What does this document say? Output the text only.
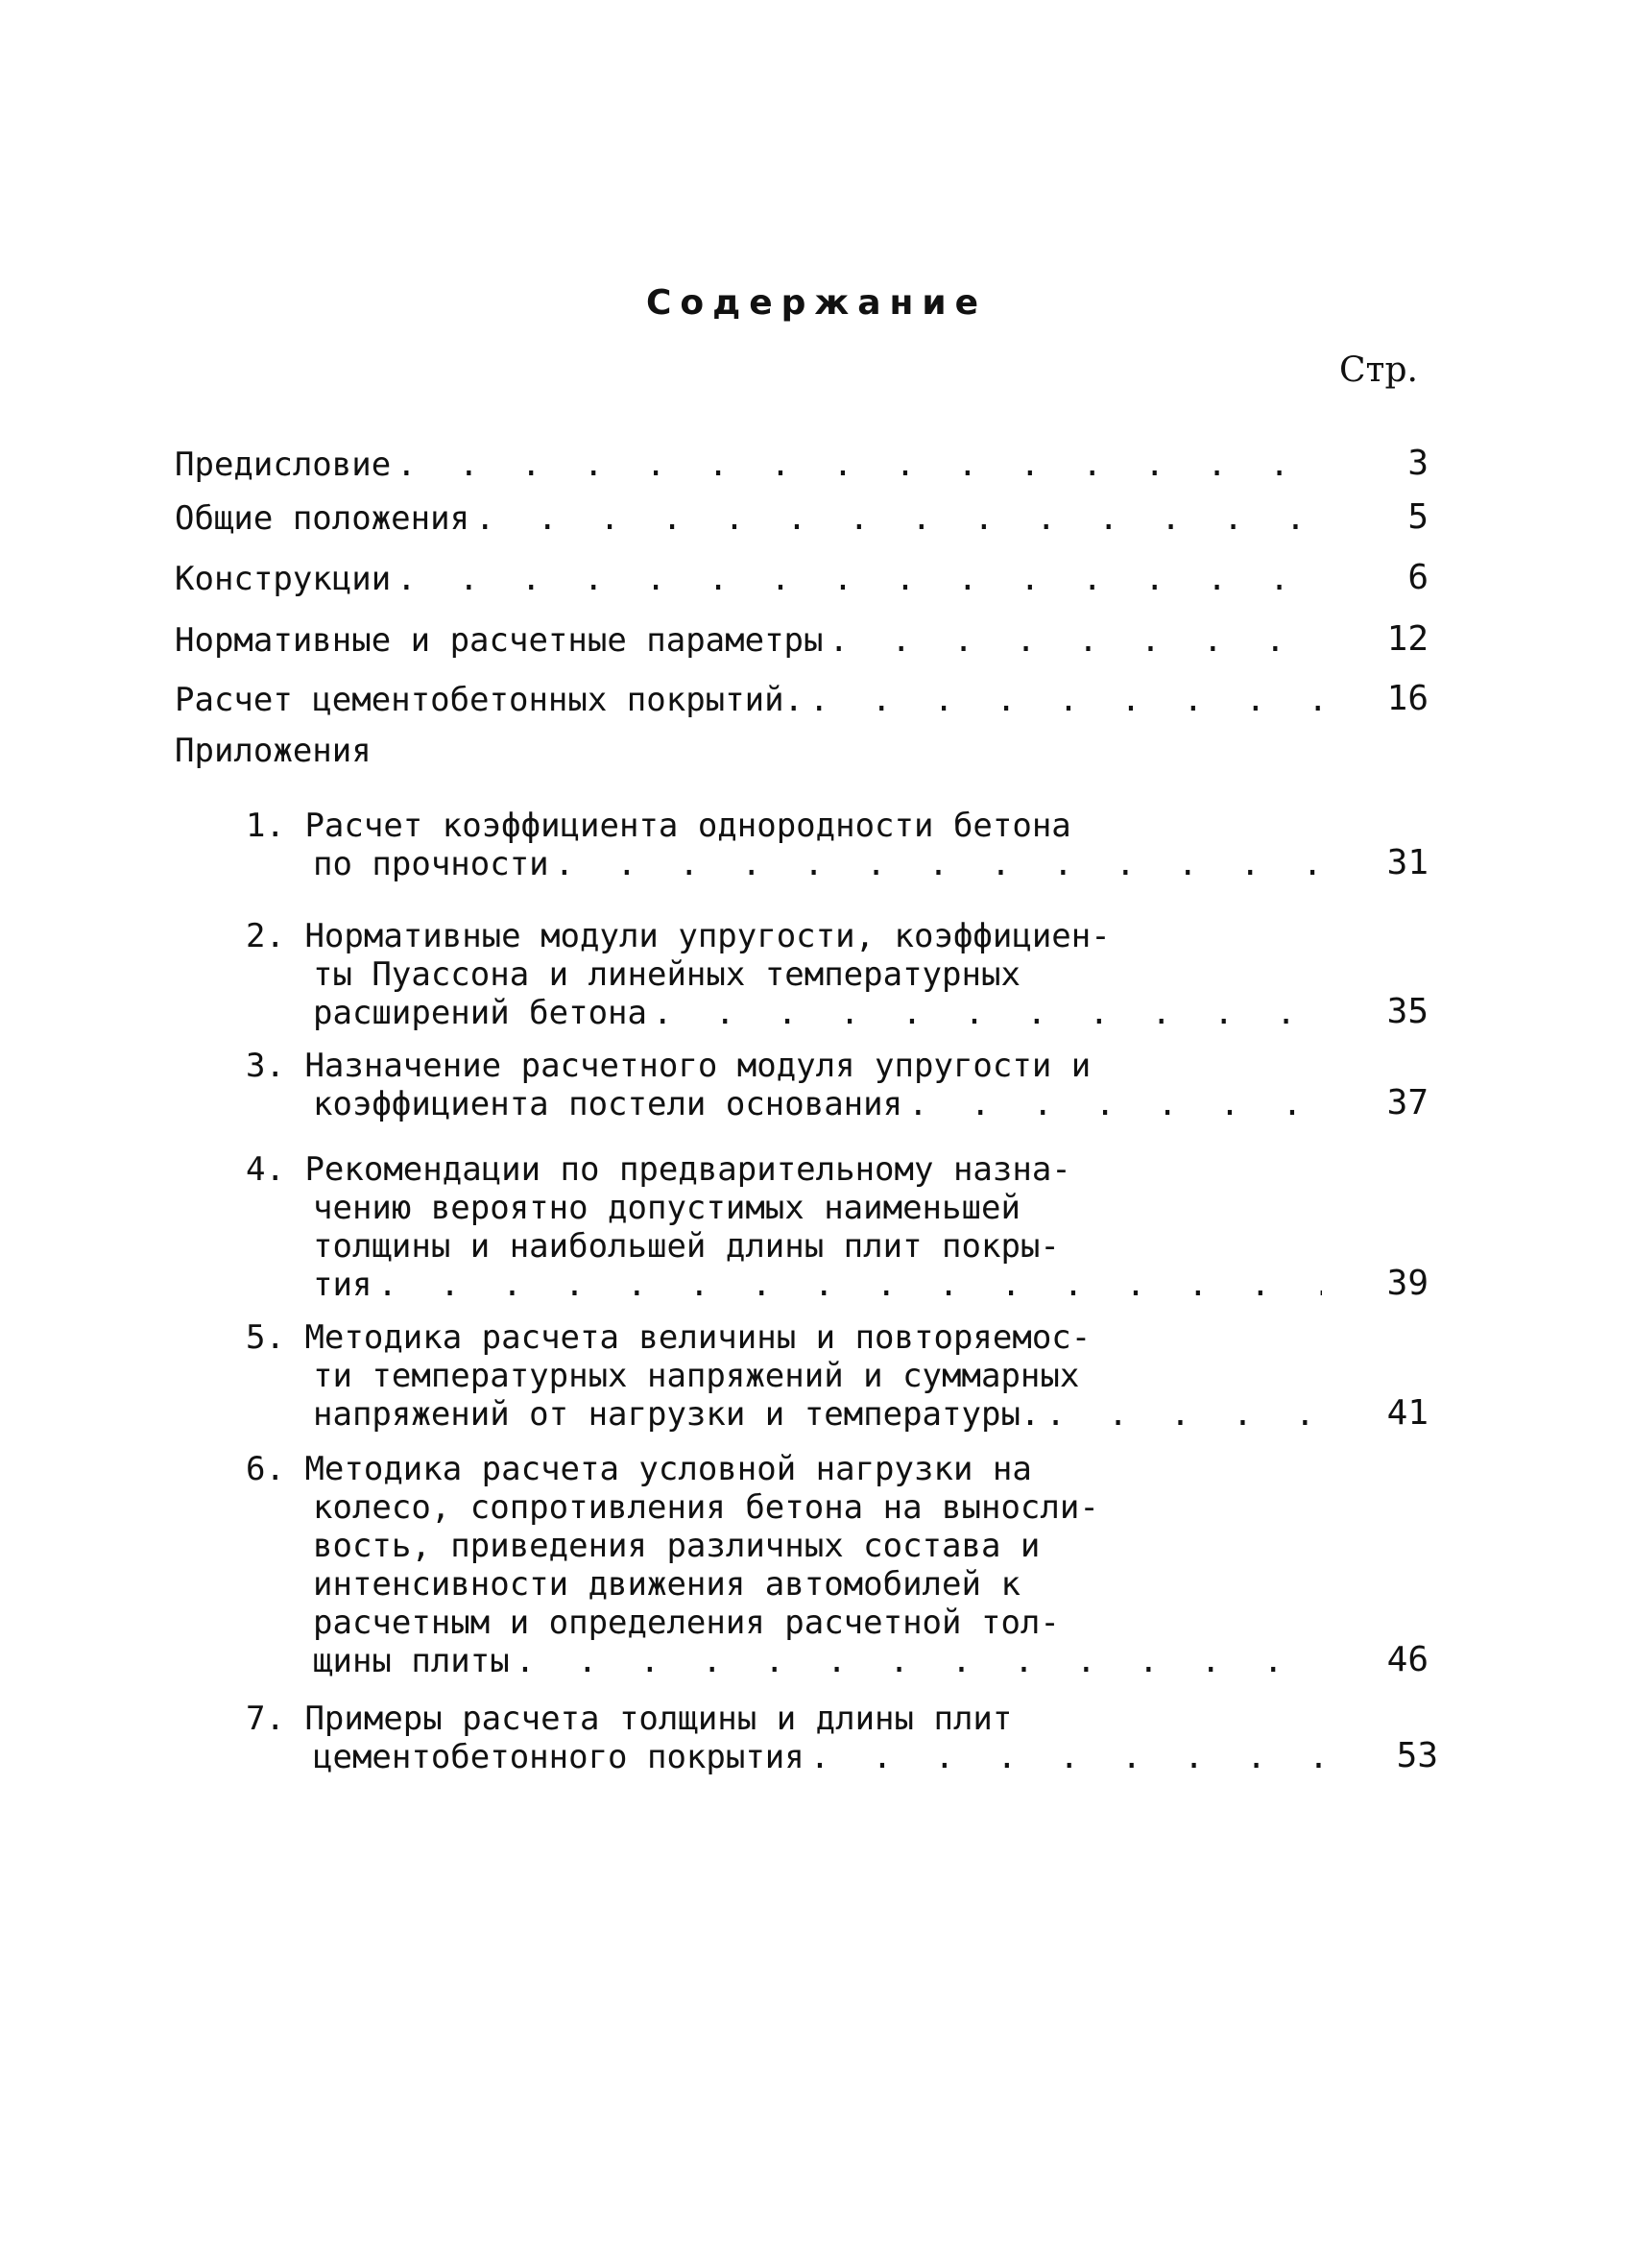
Содержание
Стр.
Предисловие . . .	3
Общие положения . . .	5
Конструкции . . .	6
Нормативные и расчетные параметры . . .	12
Расчет цементобетонных покрытий. . . .	16
Приложения
1. Расчет коэффициента однородности бетона
по прочности . . .	31
2. Нормативные модули упругости, коэффициен-
ты Пуассона и линейных температурных
расширений бетона . . .	35
3. Назначение расчетного модуля упругости и
коэффициента постели основания . . .	37
4. Рекомендации по предварительному назна-
чению вероятно допустимых наименьшей
толщины и наибольшей длины плит покры-
тия . . .	39
5. Методика расчета величины и повторяемос-
ти температурных напряжений и суммарных
напряжений от нагрузки и температуры. . . .	41
6. Методика расчета условной нагрузки на
колесо, сопротивления бетона на выносли-
вость, приведения различных состава и
интенсивности движения автомобилей к
расчетным и определения расчетной тол-
щины плиты . . .	46
7. Примеры расчета толщины и длины плит
цементобетонного покрытия . . .	53
